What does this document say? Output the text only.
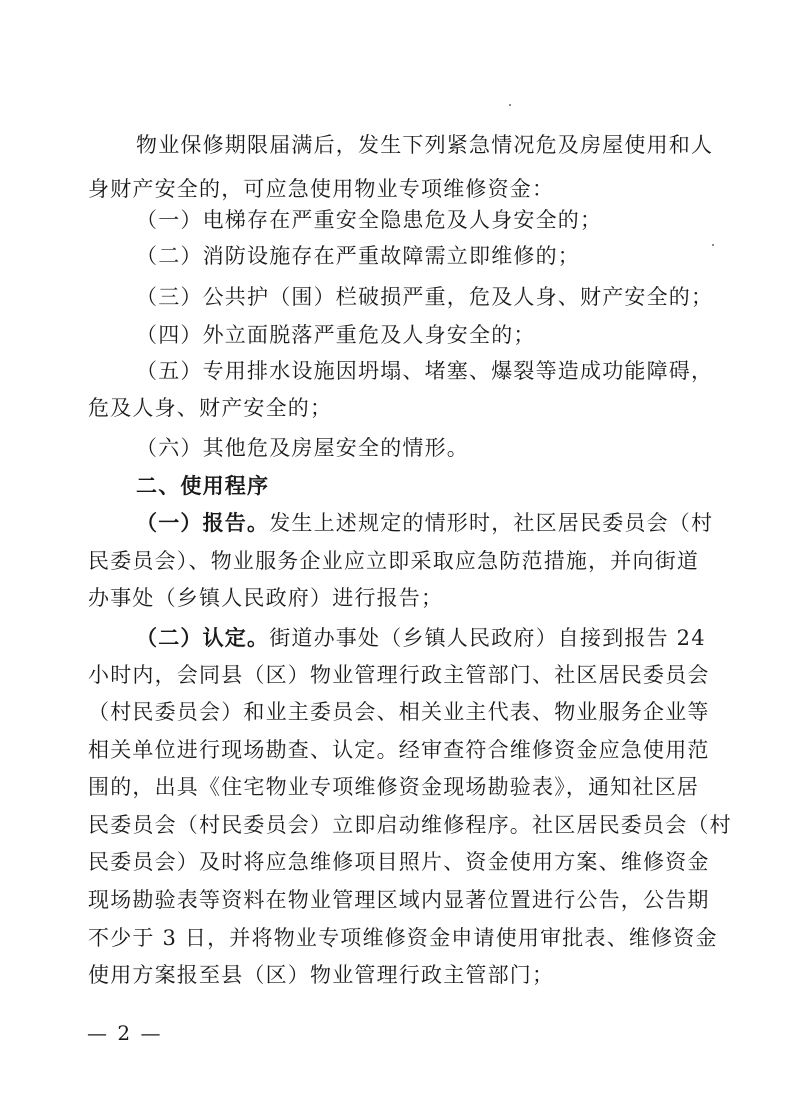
物业保修期限届满后，发生下列紧急情况危及房屋使用和人
身财产安全的，可应急使用物业专项维修资金：
（一）电梯存在严重安全隐患危及人身安全的；
（二）消防设施存在严重故障需立即维修的；
（三）公共护（围）栏破损严重，危及人身、财产安全的；
（四）外立面脱落严重危及人身安全的；
（五）专用排水设施因坍塌、堵塞、爆裂等造成功能障碍，
危及人身、财产安全的；
（六）其他危及房屋安全的情形。
二、使用程序
（一）报告。发生上述规定的情形时，社区居民委员会（村
民委员会）、物业服务企业应立即采取应急防范措施，并向街道
办事处（乡镇人民政府）进行报告；
（二）认定。街道办事处（乡镇人民政府）自接到报告 24
小时内，会同县（区）物业管理行政主管部门、社区居民委员会
（村民委员会）和业主委员会、相关业主代表、物业服务企业等
相关单位进行现场勘查、认定。经审查符合维修资金应急使用范
围的，出具《住宅物业专项维修资金现场勘验表》，通知社区居
民委员会（村民委员会）立即启动维修程序。社区居民委员会（村
民委员会）及时将应急维修项目照片、资金使用方案、维修资金
现场勘验表等资料在物业管理区域内显著位置进行公告，公告期
不少于 3 日，并将物业专项维修资金申请使用审批表、维修资金
使用方案报至县（区）物业管理行政主管部门；
— 2 —
